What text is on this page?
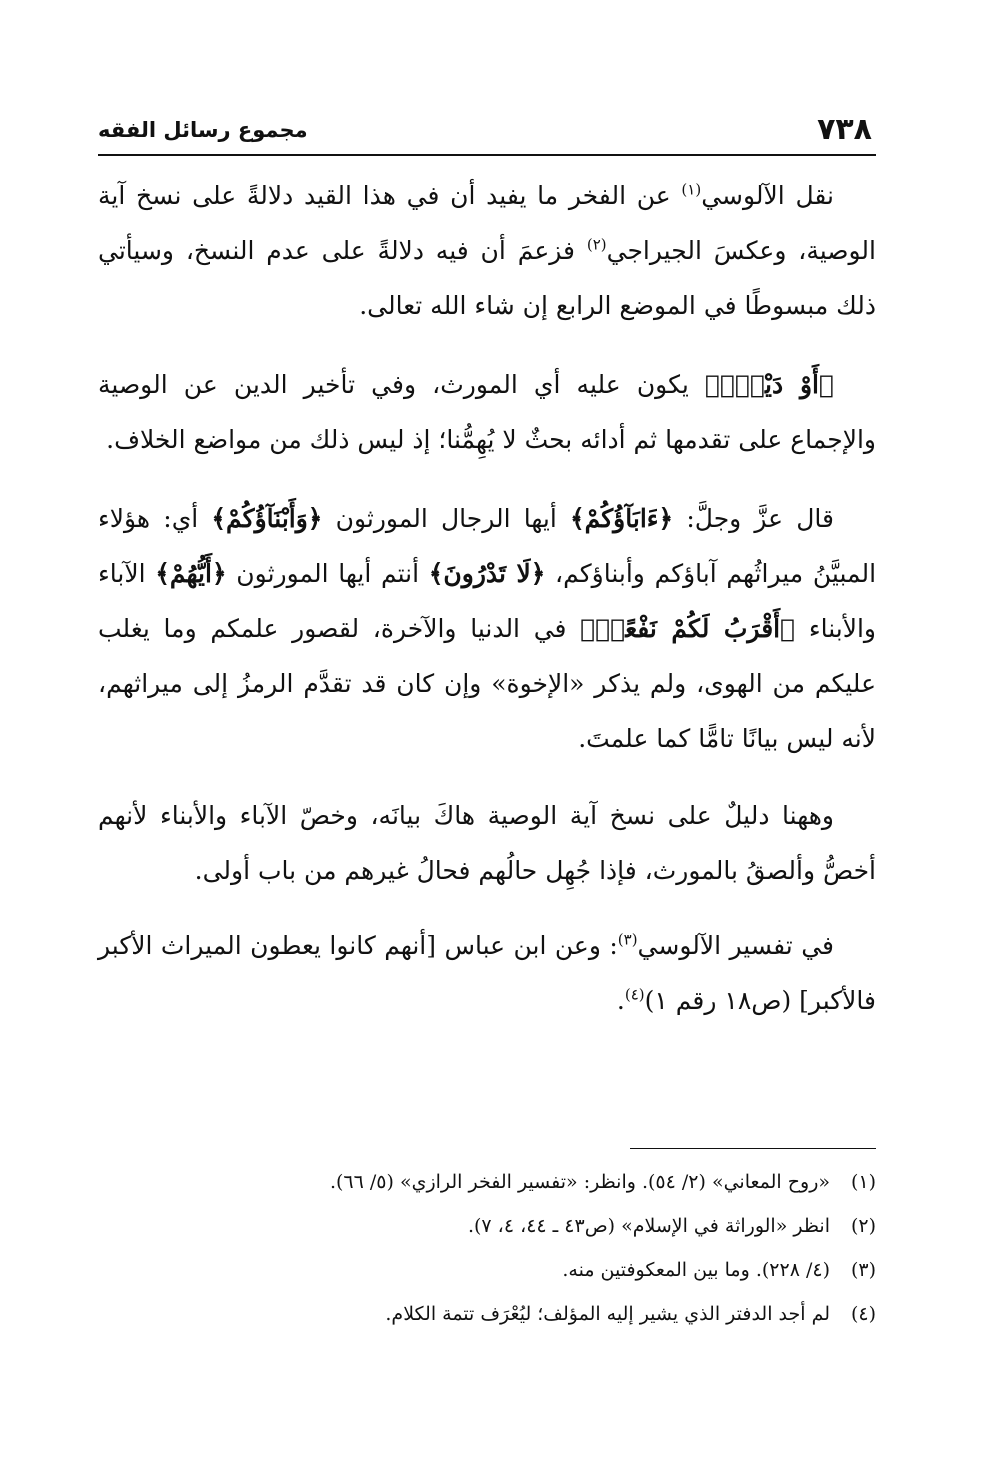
٧٣٨
مجموع رسائل الفقه

نقل الآلوسي$^{(١)}$ عن الفخر ما يفيد أن في هذا القيد دلالةً على نسخ آية الوصية، وعكسَ الجيراجي$^{(٢)}$ فزعمَ أن فيه دلالةً على عدم النسخ، وسيأتي ذلك مبسوطًا في الموضع الرابع إن شاء الله تعالى.

﴿أَوْ دَيْنٍۗ﴾ يكون عليه أي المورث، وفي تأخير الدين عن الوصية والإجماع على تقدمها ثم أدائه بحثٌ لا يُهِمُّنا؛ إذ ليس ذلك من مواضع الخلاف.

قال عزَّ وجلَّ: ﴿ءَابَآؤُكُمْ﴾ أيها الرجال المورثون ﴿وَأَبْنَآؤُكُمْ﴾ أي: هؤلاء المبيَّنُ ميراثُهم آباؤكم وأبناؤكم، ﴿لَا تَدْرُونَ﴾ أنتم أيها المورثون ﴿أَيُّهُمْ﴾ الآباء والأبناء ﴿أَقْرَبُ لَكُمْ نَفْعًاۚ﴾ في الدنيا والآخرة، لقصور علمكم وما يغلب عليكم من الهوى، ولم يذكر «الإخوة» وإن كان قد تقدَّم الرمزُ إلى ميراثهم، لأنه ليس بيانًا تامًّا كما علمتَ.

وههنا دليلٌ على نسخ آية الوصية هاكَ بيانَه، وخصّ الآباء والأبناء لأنهم أخصُّ وألصقُ بالمورث، فإذا جُهِل حالُهم فحالُ غيرهم من باب أولى.

في تفسير الآلوسي$^{(٣)}$: وعن ابن عباس [أنهم كانوا يعطون الميراث الأكبر فالأكبر] (ص١٨ رقم ١)$^{(٤)}$.

(١)«روح المعاني» (٢/ ٥٤). وانظر: «تفسير الفخر الرازي» (٥/ ٦٦).
(٢)انظر «الوراثة في الإسلام» (ص٤٣ ـ ٤٤، ٤، ٧).
(٣)(٤/ ٢٢٨). وما بين المعكوفتين منه.
(٤)لم أجد الدفتر الذي يشير إليه المؤلف؛ ليُعْرَف تتمة الكلام.
